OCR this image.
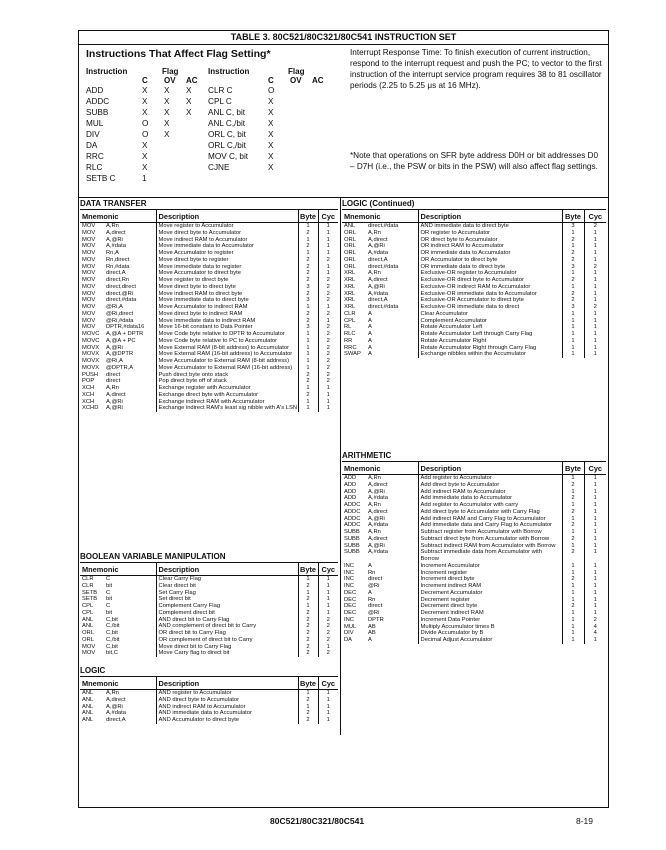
TABLE 3. 80C521/80C321/80C541 INSTRUCTION SET
Instructions That Affect Flag Setting*
Instruction	Flag			Instruction	Flag		
	C	OV	AC		C	OV	AC
ADD	X	X	X	CLR C	O		
ADDC	X	X	X	CPL C	X		
SUBB	X	X	X	ANL C, bit	X		
MUL	O	X		ANL C,/bit	X		
DIV	O	X		ORL C, bit	X		
DA	X			ORL C,/bit	X		
RRC	X			MOV C, bit	X		
RLC	X			CJNE	X		
SETB C	1						
Interrupt Response Time: To finish execution of current instruction, respond to the interrupt request and push the PC; to vector to the first instruction of the interrupt service program requires 38 to 81 oscillator periods (2.25 to 5.25 μs at 16 MHz).
*Note that operations on SFR byte address D0H or bit addresses D0 – D7H (i.e., the PSW or bits in the PSW) will also affect flag settings.
DATA TRANSFER
Mnemonic		Description	Byte	Cyc
MOV	A,Rn	Move register to Accumulator	1	1
MOV	A,direct	Move direct byte to Accumulator	2	1
MOV	A,@Ri	Move indirect RAM to Accumulator	1	1
MOV	A,#data	Move immediate data to Accumulator	2	1
MOV	Rn,A	Move Accumulator to register	1	1
MOV	Rn,direct	Move direct byte to register	2	2
MOV	Rn,#data	Move immediate data to register	2	1
MOV	direct,A	Move Accumulator to direct byte	2	1
MOV	direct,Rn	Move register to direct byte	2	2
MOV	direct,direct	Move direct byte to direct byte	3	2
MOV	direct,@Ri	Move indirect RAM to direct byte	2	2
MOV	direct,#data	Move immediate data to direct byte	3	2
MOV	@Ri,A	Move Accumulator to indirect RAM	1	1
MOV	@Ri,direct	Move direct byte to indirect RAM	2	2
MOV	@Ri,#data	Move immediate data to indirect RAM	2	1
MOV	DPTR,#data16	Move 16-bit constant to Data Pointer	3	2
MOVC	A,@A + DPTR	Move Code byte relative to DPTR to Accumulator	1	2
MOVC	A,@A + PC	Move Code byte relative to PC to Accumulator	1	2
MOVX	A,@Ri	Move External RAM (8-bit address) to Accumulator	1	2
MOVX	A,@DPTR	Move External RAM (16-bit address) to Accumulator	1	2
MOVX	@Ri,A	Move Accumulator to External RAM (8-bit address)	1	2
MOVX	@DPTR,A	Move Accumulator to External RAM (16-bit address)	1	2
PUSH	direct	Push direct byte onto stack	2	2
POP	direct	Pop direct byte off of stack	2	2
XCH	A,Rn	Exchange register with Accumulator	1	1
XCH	A,direct	Exchange direct byte with Accumulator	2	1
XCH	A,@Ri	Exchange indirect RAM with Accumulator	1	1
XCHD	A,@Ri	Exchange indirect RAM's least sig nibble with A's LSN	1	1
BOOLEAN VARIABLE MANIPULATION
Mnemonic		Description	Byte	Cyc
CLR	C	Clear Carry Flag	1	1
CLR	bit	Clear direct bit	2	1
SETB	C	Set Carry Flag	1	1
SETB	bit	Set direct bit	2	1
CPL	C	Complement Carry Flag	1	1
CPL	bit	Complement direct bit	2	1
ANL	C,bit	AND direct bit to Carry Flag	2	2
ANL	C,/bit	AND complement of direct bit to Carry	2	2
ORL	C,bit	OR direct bit to Carry Flag	2	2
ORL	C,/bit	OR complement of direct bit to Carry	2	2
MOV	C,bit	Move direct bit to Carry Flag	2	1
MOV	bit,C	Move Carry flag to direct bit	2	2
LOGIC
Mnemonic		Description	Byte	Cyc
ANL	A,Rn	AND register to Accumulator	1	1
ANL	A,direct	AND direct byte to Accumulator	2	1
ANL	A,@Ri	AND indirect RAM to Accumulator	1	1
ANL	A,#data	AND immediate data to Accumulator	2	1
ANL	direct,A	AND Accumulator to direct byte	2	1
LOGIC (Continued)
Mnemonic		Description	Byte	Cyc
ANL	direct,#data	AND immediate data to direct byte	3	2
ORL	A,Rn	OR register to Accumulator	1	1
ORL	A,direct	OR direct byte to Accumulator	2	1
ORL	A,@Ri	OR indirect RAM to Accumulator	1	1
ORL	A,#data	OR immediate data to Accumulator	2	1
ORL	direct,A	OR Accumulator to direct byte	2	1
ORL	direct,#data	OR immediate data to direct byte	3	2
XRL	A,Rn	Exclusive-OR register to Accumulator	1	1
XRL	A,direct	Exclusive-OR direct byte to Accumulator	2	1
XRL	A,@Ri	Exclusive-OR indirect RAM to Accumulator	1	1
XRL	A,#data	Exclusive-OR immediate data to Accumulator	2	1
XRL	direct,A	Exclusive-OR Accumulator to direct byte	2	1
XRL	direct,#data	Exclusive-OR immediate data to direct	3	2
CLR	A	Clear Accumulator	1	1
CPL	A	Complement Accumulator	1	1
RL	A	Rotate Accumulator Left	1	1
RLC	A	Rotate Accumulator Left through Carry Flag	1	1
RR	A	Rotate Accumulator Right	1	1
RRC	A	Rotate Accumulator Right through Carry Flag	1	1
SWAP	A	Exchange nibbles within the Accumulator	1	1
ARITHMETIC
Mnemonic		Description	Byte	Cyc
ADD	A,Rn	Add register to Accumulator	1	1
ADD	A,direct	Add direct byte to Accumulator	2	1
ADD	A,@Ri	Add indirect RAM to Accumulator	1	1
ADD	A,#data	Add immediate data to Accumulator	2	1
ADDC	A,Rn	Add register to Accumulator with carry	1	1
ADDC	A,direct	Add direct byte to Accumulator with Carry Flag	2	1
ADDC	A,@Ri	Add indirect RAM and Carry Flag to Accumulator	1	1
ADDC	A,#data	Add immediate data and Carry Flag to Accumulator	2	1
SUBB	A,Rn	Subtract register from Accumulator with Borrow	1	1
SUBB	A,direct	Subtract direct byte from Accumulator with Borrow	2	1
SUBB	A,@Ri	Subtract indirect RAM from Accumulator with Borrow	1	1
SUBB	A,#data	Subtract immediate data from Accumulator with Borrow	2	1
INC	A	Increment Accumulator	1	1
INC	Rn	Increment register	1	1
INC	direct	Increment direct byte	2	1
INC	@Ri	Increment indirect RAM	1	1
DEC	A	Decrement Accumulator	1	1
DEC	Rn	Decrement register	1	1
DEC	direct	Decrement direct byte	2	1
DEC	@Ri	Decrement indirect RAM	1	1
INC	DPTR	Increment Data Pointer	1	2
MUL	AB	Multiply Accumulator times B	1	4
DIV	AB	Divide Accumulator by B	1	4
DA	A	Decimal Adjust Accumulator	1	1
80C521/80C321/80C541	8-19
